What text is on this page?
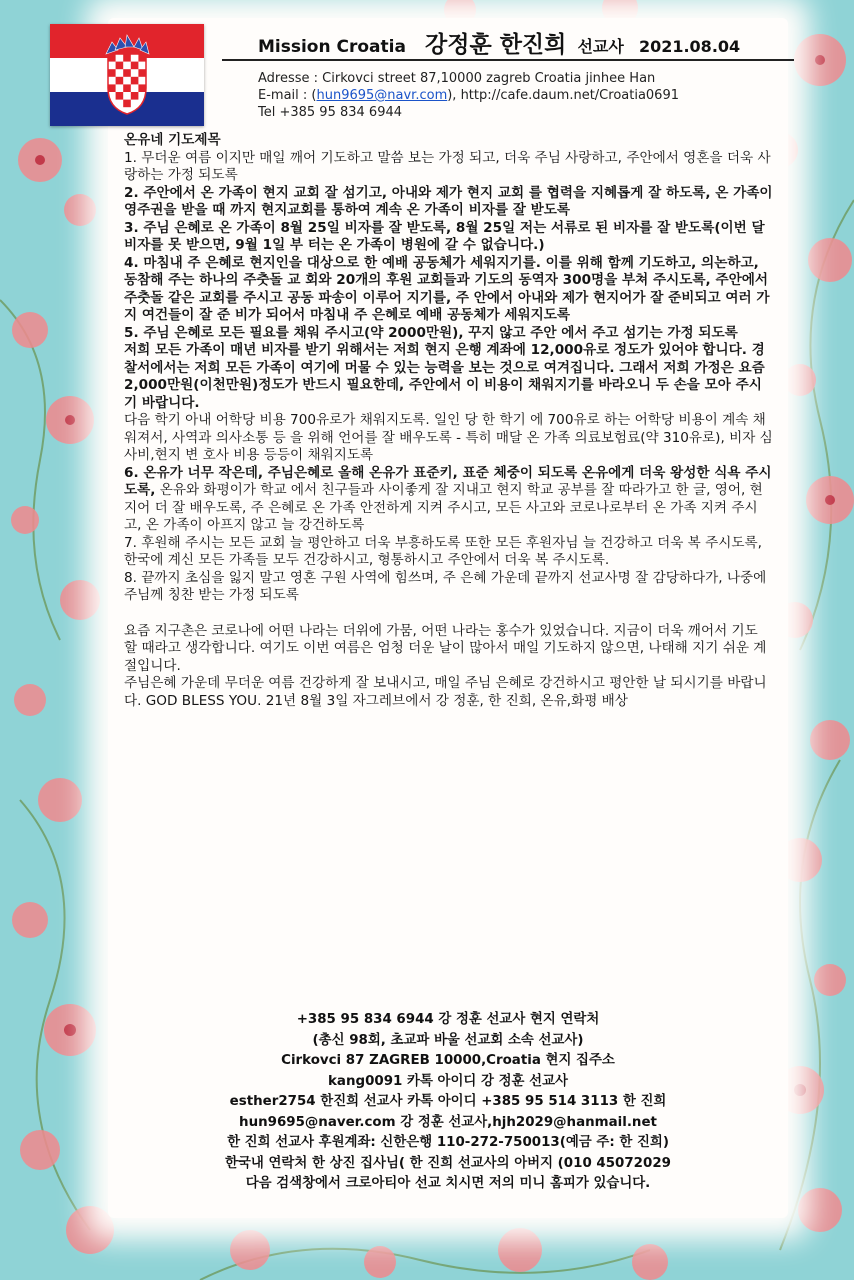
Mission Croatia 강정훈 한진희 선교사 2021.08.04
Adresse : Cirkovci street 87,10000 zagreb Croatia jinhee Han
E-mail : (hun9695@navr.com), http://cafe.daum.net/Croatia0691
Tel +385 95 834 6944

온유네 기도제목

1. 무더운 여름 이지만 매일 깨어 기도하고 말씀 보는 가정 되고, 더욱 주님 사랑하고, 주안에서 영혼을 더욱 사랑하는 가정 되도록

2. 주안에서 온 가족이 현지 교회 잘 섬기고, 아내와 제가 현지 교회 를 협력을 지혜롭게 잘 하도록, 온 가족이 영주권을 받을 때 까지 현지교회를 통하여 계속 온 가족이 비자를 잘 받도록

3. 주님 은혜로 온 가족이 8월 25일 비자를 잘 받도록, 8월 25일 저는 서류로 된 비자를 잘 받도록(이번 달 비자를 못 받으면, 9월 1일 부 터는 온 가족이 병원에 갈 수 없습니다.)

4. 마침내 주 은혜로 현지인을 대상으로 한 예배 공동체가 세워지기를. 이를 위해 함께 기도하고, 의논하고, 동참해 주는 하나의 주춧돌 교 회와 20개의 후원 교회들과 기도의 동역자 300명을 부쳐 주시도록, 주안에서 주춧돌 같은 교회를 주시고 공동 파송이 이루어 지기를, 주 안에서 아내와 제가 현지어가 잘 준비되고 여러 가지 여건들이 잘 준 비가 되어서 마침내 주 은혜로 예배 공동체가 세워지도록

5. 주님 은혜로 모든 필요를 채워 주시고(약 2000만원), 꾸지 않고 주안 에서 주고 섬기는 가정 되도록

저희 모든 가족이 매년 비자를 받기 위해서는 저희 현지 은행 계좌에 12,000유로 정도가 있어야 합니다. 경찰서에서는 저희 모든 가족이 여기에 머물 수 있는 능력을 보는 것으로 여겨집니다. 그래서 저희 가정은 요즘 2,000만원(이천만원)정도가 반드시 필요한데, 주안에서 이 비용이 채워지기를 바라오니 두 손을 모아 주시기 바랍니다.

다음 학기 아내 어학당 비용 700유로가 채워지도록. 일인 당 한 학기 에 700유로 하는 어학당 비용이 계속 채워져서, 사역과 의사소통 등 을 위해 언어를 잘 배우도록 - 특히 매달 온 가족 의료보험료(약 310유로), 비자 심사비,현지 변 호사 비용 등등이 채워지도록

6. 온유가 너무 작은데, 주님은혜로 올해 온유가 표준키, 표준 체중이 되도록 온유에게 더욱 왕성한 식욕 주시도록, 온유와 화평이가 학교 에서 친구들과 사이좋게 잘 지내고 현지 학교 공부를 잘 따라가고 한 글, 영어, 현지어 더 잘 배우도록, 주 은혜로 온 가족 안전하게 지켜 주시고, 모든 사고와 코로나로부터 온 가족 지켜 주시고, 온 가족이 아프지 않고 늘 강건하도록

7. 후원해 주시는 모든 교회 늘 평안하고 더욱 부흥하도록 또한 모든 후원자님 늘 건강하고 더욱 복 주시도록, 한국에 계신 모든 가족들 모두 건강하시고, 형통하시고 주안에서 더욱 복 주시도록.

8. 끝까지 초심을 잃지 말고 영혼 구원 사역에 힘쓰며, 주 은혜 가운데 끝까지 선교사명 잘 감당하다가, 나중에 주님께 칭찬 받는 가정 되도록

요즘 지구촌은 코로나에 어떤 나라는 더위에 가뭄, 어떤 나라는 홍수가 있었습니다. 지금이 더욱 깨어서 기도 할 때라고 생각합니다. 여기도 이번 여름은 엄청 더운 날이 많아서 매일 기도하지 않으면, 나태해 지기 쉬운 계절입니다.

주님은혜 가운데 무더운 여름 건강하게 잘 보내시고, 매일 주님 은혜로 강건하시고 평안한 날 되시기를 바랍니다. GOD BLESS YOU. 21년 8월 3일 자그레브에서 강 정훈, 한 진희, 온유,화평 배상

+385 95 834 6944 강 정훈 선교사 현지 연락처

(총신 98회, 초교파 바울 선교회 소속 선교사)

Cirkovci 87 ZAGREB 10000,Croatia 현지 집주소

kang0091 카톡 아이디 강 정훈 선교사

esther2754 한진희 선교사 카톡 아이디 +385 95 514 3113 한 진희

hun9695@naver.com 강 정훈 선교사,hjh2029@hanmail.net

한 진희 선교사 후원계좌: 신한은행 110-272-750013(예금 주: 한 진희)

한국내 연락처 한 상진 집사님( 한 진희 선교사의 아버지 (010 45072029

다음 검색창에서 크로아티아 선교 치시면 저의 미니 홈피가 있습니다.
